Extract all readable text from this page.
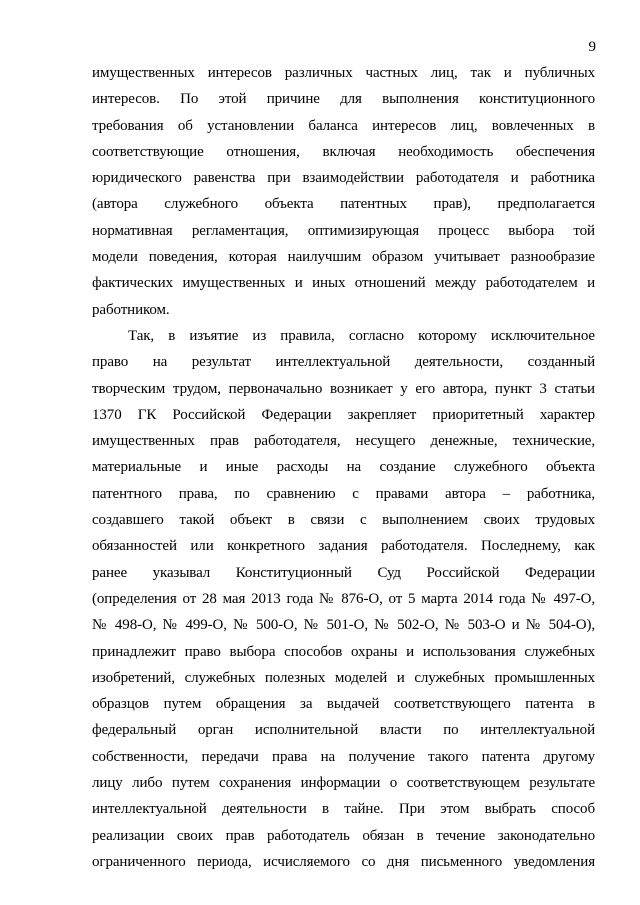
9
имущественных интересов различных частных лиц, так и публичных
интересов. По этой причине для выполнения конституционного
требования об установлении баланса интересов лиц, вовлеченных в
соответствующие отношения, включая необходимость обеспечения
юридического равенства при взаимодействии работодателя и работника
(автора служебного объекта патентных прав), предполагается
нормативная регламентация, оптимизирующая процесс выбора той
модели поведения, которая наилучшим образом учитывает разнообразие
фактических имущественных и иных отношений между работодателем и
работником.
Так, в изъятие из правила, согласно которому исключительное
право на результат интеллектуальной деятельности, созданный
творческим трудом, первоначально возникает у его автора, пункт 3 статьи
1370 ГК Российской Федерации закрепляет приоритетный характер
имущественных прав работодателя, несущего денежные, технические,
материальные и иные расходы на создание служебного объекта
патентного права, по сравнению с правами автора – работника,
создавшего такой объект в связи с выполнением своих трудовых
обязанностей или конкретного задания работодателя. Последнему, как
ранее указывал Конституционный Суд Российской Федерации
(определения от 28 мая 2013 года № 876-О, от 5 марта 2014 года № 497-О,
№ 498-О, № 499-О, № 500-О, № 501-О, № 502-О, № 503-О и № 504-О),
принадлежит право выбора способов охраны и использования служебных
изобретений, служебных полезных моделей и служебных промышленных
образцов путем обращения за выдачей соответствующего патента в
федеральный орган исполнительной власти по интеллектуальной
собственности, передачи права на получение такого патента другому
лицу либо путем сохранения информации о соответствующем результате
интеллектуальной деятельности в тайне. При этом выбрать способ
реализации своих прав работодатель обязан в течение законодательно
ограниченного периода, исчисляемого со дня письменного уведомления
